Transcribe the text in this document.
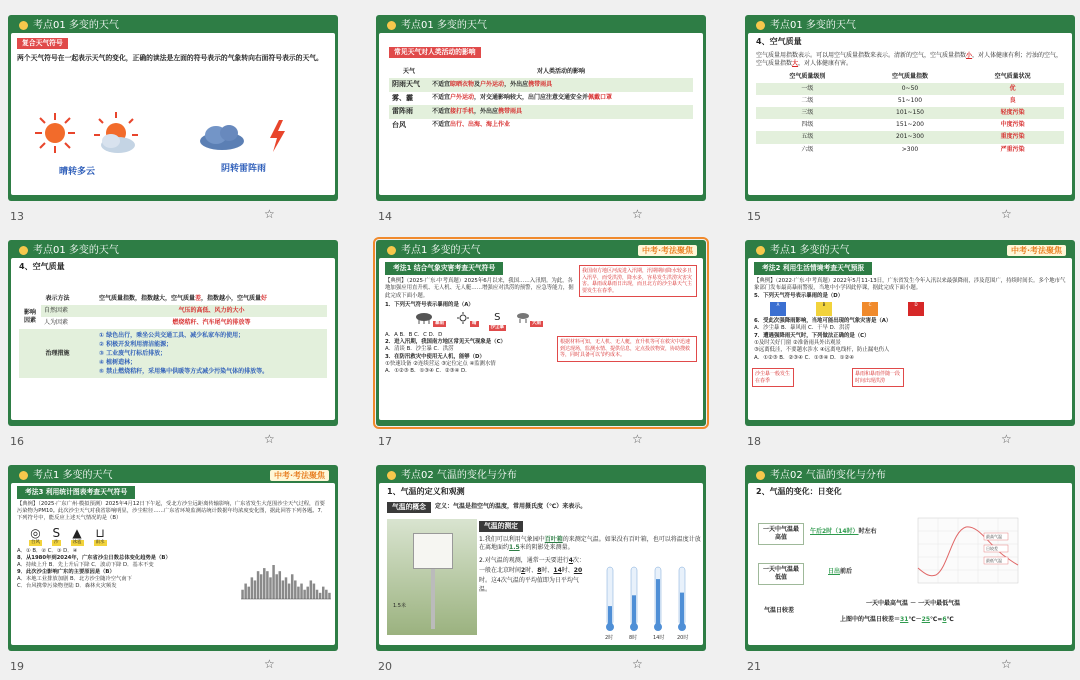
考点01 多变的天气
复合天气符号
两个天气符号在一起表示天气的变化，正确的读法是左面的符号表示的气象转向右面符号表示的天气。
晴转多云	阴转雷阵雨
13	☆
考点01 多变的天气
常见天气对人类活动的影响
天气	对人类活动的影响
阴雨天气	不适宜晾晒衣物及户外运动，外出应携带雨具
雾、霾	不适宜户外运动，对交通影响较大，出门应注意交通安全并佩戴口罩
雷阵雨	不适宜接打手机，外出应携带雨具
台风	不适宜出行、出海、海上作业
14	☆
考点01 多变的天气
4、空气质量
空气质量用指数表示。可以用空气质量指数来表示。清新的空气，空气质量指数小，对人体健康有利；污浊的空气，空气质量指数大，对人体健康有害。
空气质量级别	空气质量指数	空气质量状况
一级	0~50	优
二级	51~100	良
三级	101~150	轻度污染
四级	151~200	中度污染
五级	201~300	重度污染
六级	>300	严重污染
15	☆
考点01 多变的天气
4、空气质量
表示方法		空气质量指数，指数越大，空气质量差，指数越小，空气质量好
影响因素	自然因素	气压的高低、风力的大小
	人为因素	燃烧秸秆、汽车尾气的排放等
治理措施		① 绿色出行，乘坐公共交通工具、减少私家车的使用；
② 积极开发利用清洁能源；
③ 工业废气打标后排放；
④ 植树造林；
⑤ 禁止燃烧秸秆，采用集中供暖等方式减少污染气体的排放等。
16	☆
考点1 多变的天气	中考·考法聚焦
考法1 结合气象灾害考查天气符号
【典例】（2025·广东·中考真题）2025年6月以来，我国……入汛期。为此，各地加强应用直升机、无人机、无人艇……增强应对洪涝的预警，应急等能力，据此完成下面小题。
1．下列天气符号表示暴雨的是（A）
暴雨	晴
S
沙尘暴
大雨
A．A B．B C．C D．D
2．进入汛期，我国南方地区常见天气现象是（C）
A．清谈 B．沙尘暴 C．洪涝
3．在防汛救灾中使用无人机，能够（D）
①快速设备 ②连续营运 ③定位定点 ④监测水情
A．①②③ B．①③④ C．②③④ D．
我国南方地区河流进入汛期，汛期期间降水较多且入汛早，而受洪涝，降水多，容易发生洪涝灾害灾害。暴雨或暴雨日出现，而且北方的沙尘暴天气主要发生在春季。
根据材料可知，无人机、无人艇，直升机等可在救灾中迅速到达现场，监测水情、提供信息，定点投放物资，协助搜救等，同时具备可以节约成本。
17	☆
考点1 多变的天气	中考·考法聚焦
考法2 利用生活情境考查天气预报
【典例】（2022·广东·中考真题）2022年5月11-13日，广东省发生今年入汛以来最强降雨，涉及范围广，持续时间长。多个地市气象部门发布最高暴雨警报，当地中小学因此停课，据此完成下面小题。
5．下列天气符号表示暴雨的是（D）
A	B	C	D
6．受此次强降雨影响，当地可能出现的气象灾害是（A）
A．沙尘暴 B．暴风雨 C．干旱 D．洪涝
7．遭遇强降雨天气时，下列做法正确的是（C）
①及时关好门窗 ②准备雨具外出观景
③远离低洼，不要趟水涉水 ④远离电线杆，防止漏电伤人
A．①②③ B．②③④ C．①③④ D．①②④
沙尘暴一般发生在春季
暴雨和暴雨伴随一段时间出现洪涝
18	☆
考点1 多变的天气	中考·考法聚焦
考法3 利用统计图表考查天气符号
【典例】（2025·广东广州·模拟预测）2025年4月12日下午起，受北方沙尘远距离传输影响，广东省发生大范围沙尘天气过程，首要污染物为PM10。此次沙尘天气对我省影响明显，沙尘粒径……广东省环境监测站统计数据年均浓度变化图，据此回答下列各题。7．下列符号中，能反应上述天气情况的是（B）
◎
台风
S
沙
▲
冰雹
⊔
雨水
A．① B．② C．③ D．④
8．从1980年到2024年，广东省沙尘日数总体变化趋势是（B）
A．持续上升 B．先上升后下降 C．波动下降 D．基本不变
9．此次沙尘影响广东的主要原因是（B）
A．本地工业排放加剧 B．北方沙尘随冷空气南下
C．台风携带污染物登陆 D．森林火灾频发
19	☆
考点02 气温的变化与分布
1、气温的定义和观测
气温的概念	定义：气温是指空气的温度，常用摄氏度（℃）来表示。
1.5米
气温的测定
1.我们可以利用气象园中百叶箱的来测定气温。如果没有百叶箱，也可以将温度计放在离地面约1.5米的阴影处来测量。
2.对气温的观测，通常一天要进行4次：一般在北京时间2时、8时、14时、20时。这4次气温的平均值即为日平均气温。
2时	8时	14时	20时
20	☆
考点02 气温的变化与分布
2、气温的变化：日变化
一天中气温最高值
午后2时（14时）时左右
一天中气温最低值
日出前后
气温日较差
一天中最高气温 － 一天中最低气温
上图中的气温日较差＝31℃－25℃=6℃
最高气温
日较差
最低气温
21	☆
